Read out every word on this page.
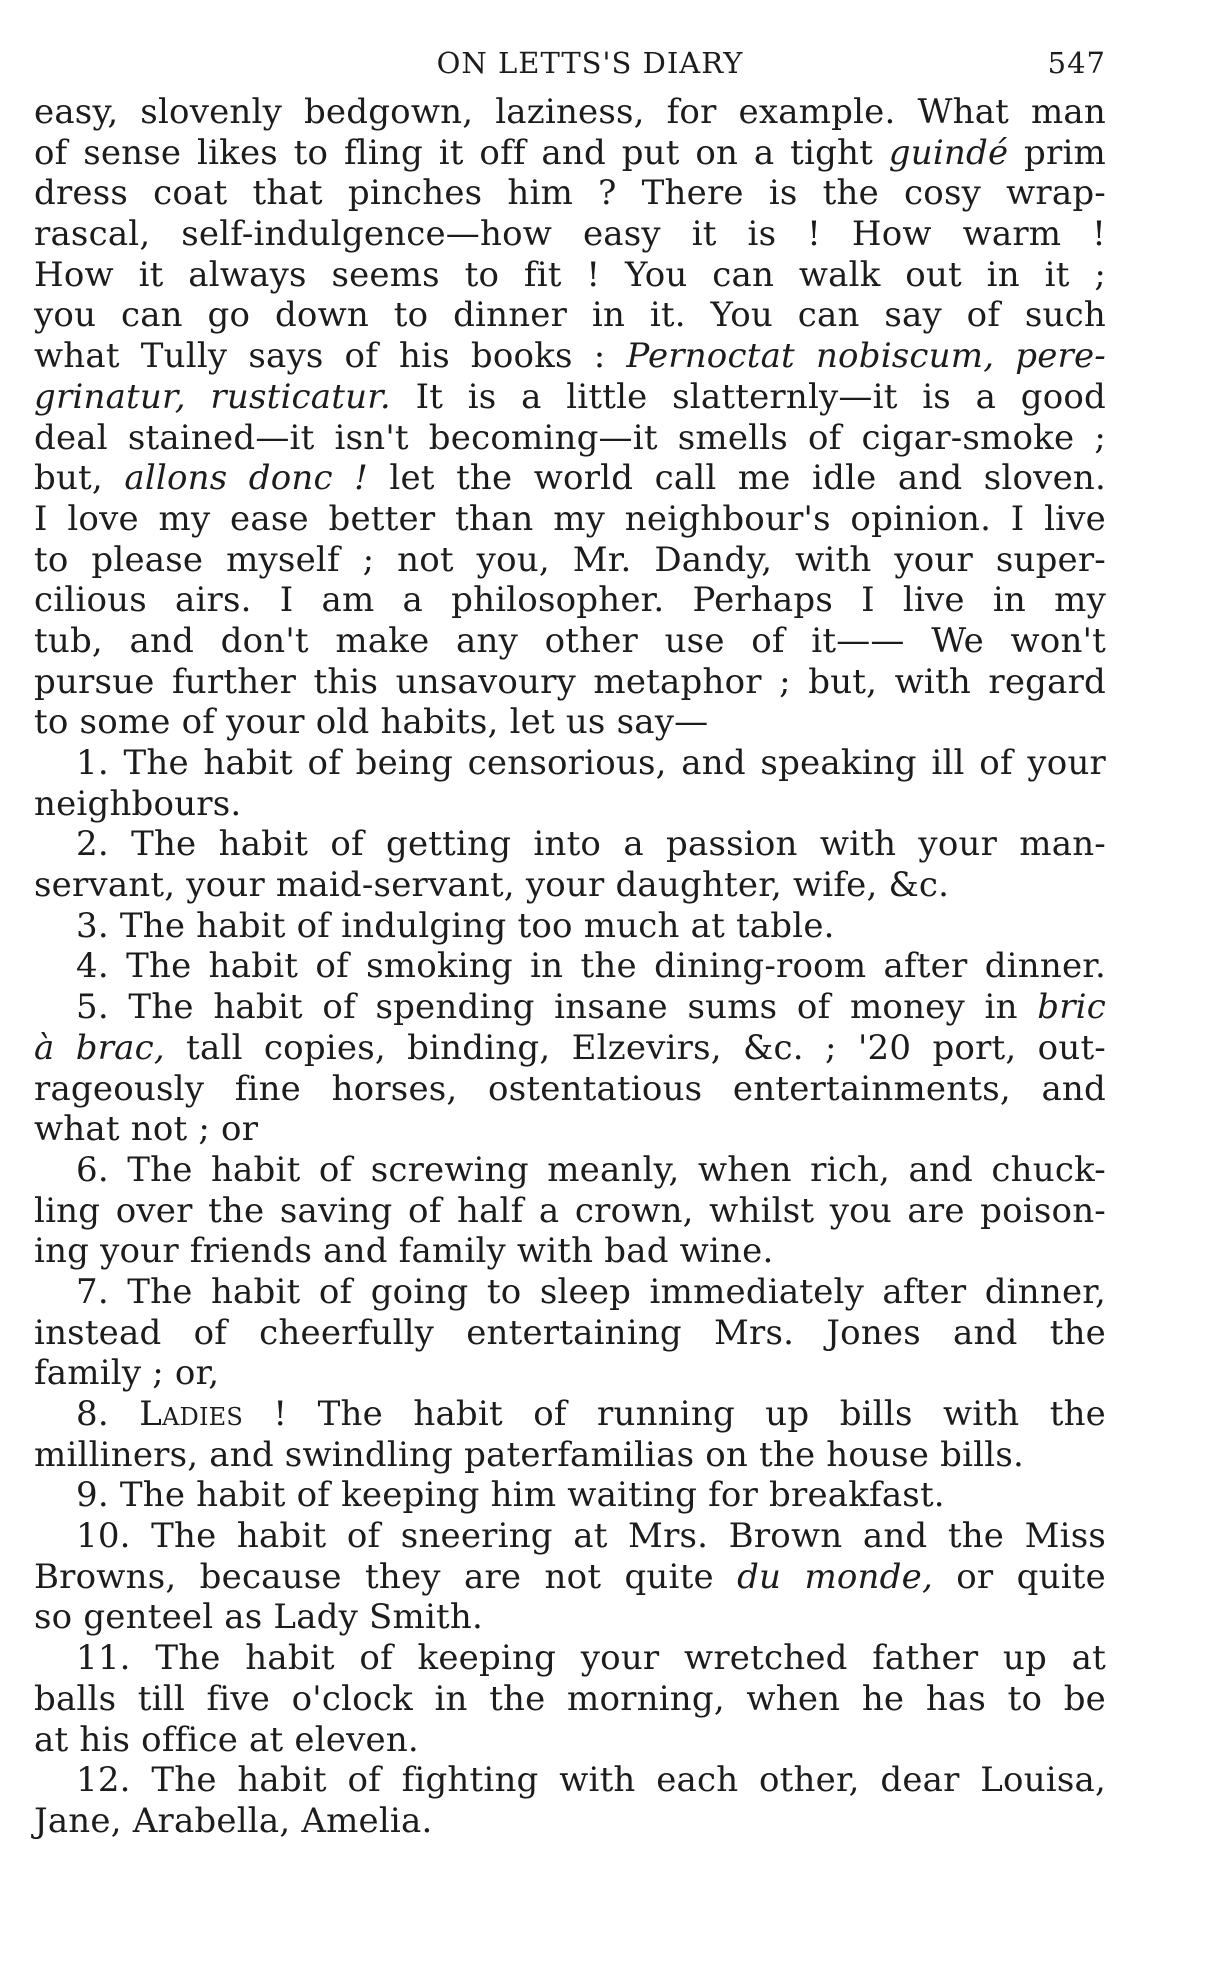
ON LETTS'S DIARY	547
easy, slovenly bedgown, laziness, for example. What man
of sense likes to fling it off and put on a tight guindé prim
dress coat that pinches him ? There is the cosy wrap-
rascal, self-indulgence—how easy it is ! How warm !
How it always seems to fit ! You can walk out in it ;
you can go down to dinner in it. You can say of such
what Tully says of his books : Pernoctat nobiscum, pere-
grinatur, rusticatur. It is a little slatternly—it is a good
deal stained—it isn't becoming—it smells of cigar-smoke ;
but, allons donc ! let the world call me idle and sloven.
I love my ease better than my neighbour's opinion. I live
to please myself ; not you, Mr. Dandy, with your super-
cilious airs. I am a philosopher. Perhaps I live in my
tub, and don't make any other use of it—— We won't
pursue further this unsavoury metaphor ; but, with regard
to some of your old habits, let us say—
1. The habit of being censorious, and speaking ill of your
neighbours.
2. The habit of getting into a passion with your man-
servant, your maid-servant, your daughter, wife, &c.
3. The habit of indulging too much at table.
4. The habit of smoking in the dining-room after dinner.
5. The habit of spending insane sums of money in bric
à brac, tall copies, binding, Elzevirs, &c. ; '20 port, out-
rageously fine horses, ostentatious entertainments, and
what not ; or
6. The habit of screwing meanly, when rich, and chuck-
ling over the saving of half a crown, whilst you are poison-
ing your friends and family with bad wine.
7. The habit of going to sleep immediately after dinner,
instead of cheerfully entertaining Mrs. Jones and the
family ; or,
8. Ladies ! The habit of running up bills with the
milliners, and swindling paterfamilias on the house bills.
9. The habit of keeping him waiting for breakfast.
10. The habit of sneering at Mrs. Brown and the Miss
Browns, because they are not quite du monde, or quite
so genteel as Lady Smith.
11. The habit of keeping your wretched father up at
balls till five o'clock in the morning, when he has to be
at his office at eleven.
12. The habit of fighting with each other, dear Louisa,
Jane, Arabella, Amelia.
